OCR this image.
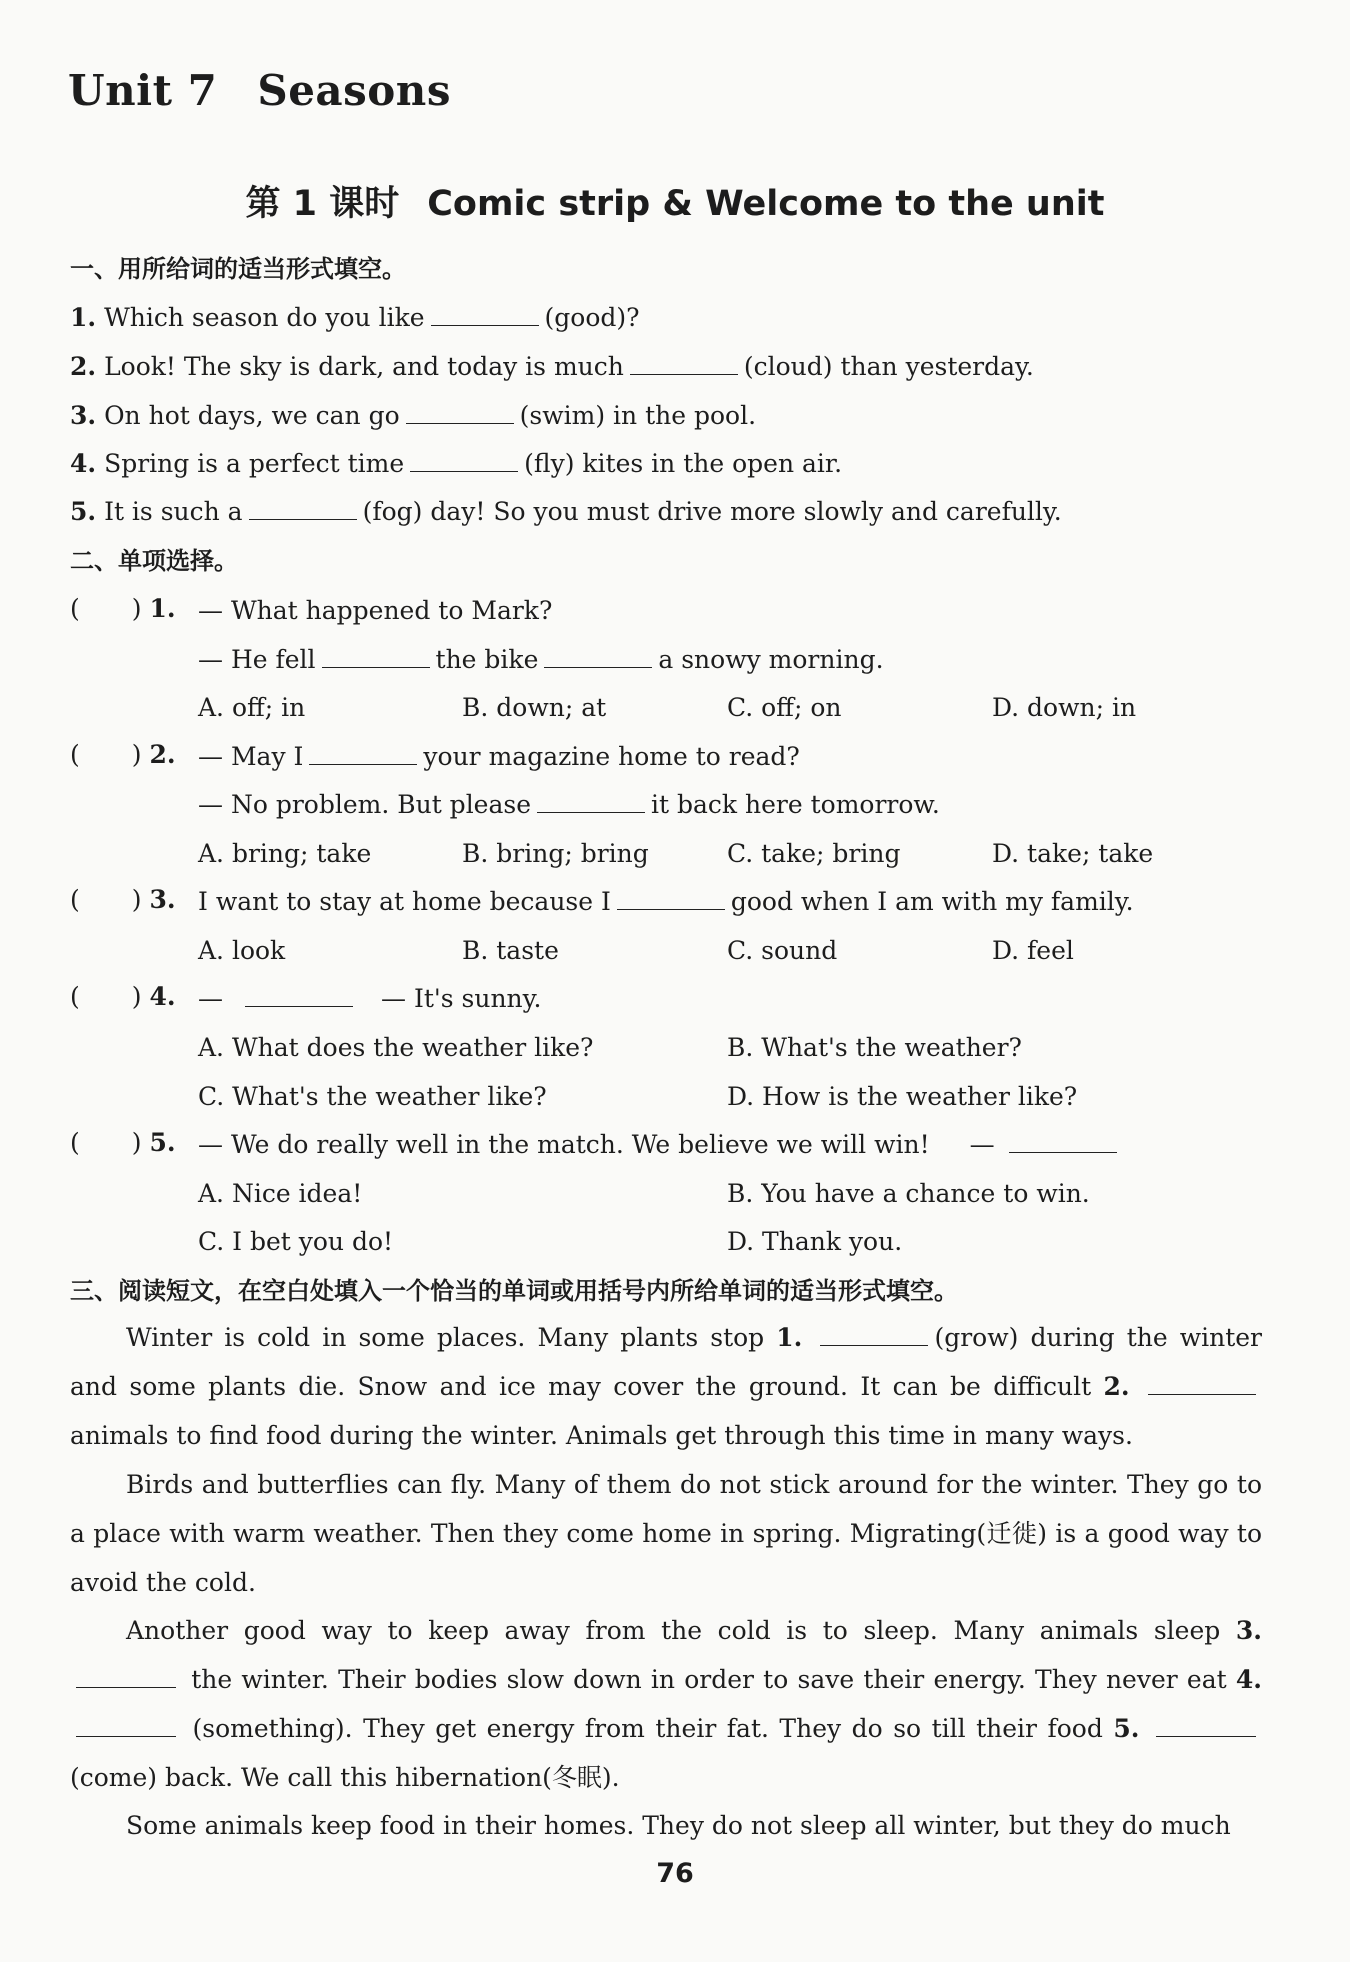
Unit 7 Seasons
第 1 课时 Comic strip & Welcome to the unit
一、用所给词的适当形式填空。
1. Which season do you like	(good)?
2. Look! The sky is dark, and today is much	(cloud) than yesterday.
3. On hot days, we can go	(swim) in the pool.
4. Spring is a perfect time	(fly) kites in the open air.
5. It is such a	(fog) day! So you must drive more slowly and carefully.
二、单项选择。
( ) 1. — What happened to Mark?
— He fell	the bike	a snowy morning.
A. off; in	B. down; at	C. off; on	D. down; in
( ) 2. — May I	your magazine home to read?
— No problem. But please	it back here tomorrow.
A. bring; take	B. bring; bring	C. take; bring	D. take; take
( ) 3. I want to stay at home because I	good when I am with my family.
A. look	B. taste	C. sound	D. feel
( ) 4. —	— It's sunny.
A. What does the weather like?	B. What's the weather?
C. What's the weather like?	D. How is the weather like?
( ) 5. — We do really well in the match. We believe we will win! —
A. Nice idea!	B. You have a chance to win.
C. I bet you do!	D. Thank you.
三、阅读短文，在空白处填入一个恰当的单词或用括号内所给单词的适当形式填空。
Winter is cold in some places. Many plants stop 1.	(grow) during the winter and some plants die. Snow and ice may cover the ground. It can be difficult 2.  animals to find food during the winter. Animals get through this time in many ways.
Birds and butterflies can fly. Many of them do not stick around for the winter. They go to a place with warm weather. Then they come home in spring. Migrating(迁徙) is a good way to avoid the cold.
Another good way to keep away from the cold is to sleep. Many animals sleep 3.  the winter. Their bodies slow down in order to save their energy. They never eat 4.  (something). They get energy from their fat. They do so till their food 5. (come) back. We call this hibernation(冬眠).
Some animals keep food in their homes. They do not sleep all winter, but they do much
76
